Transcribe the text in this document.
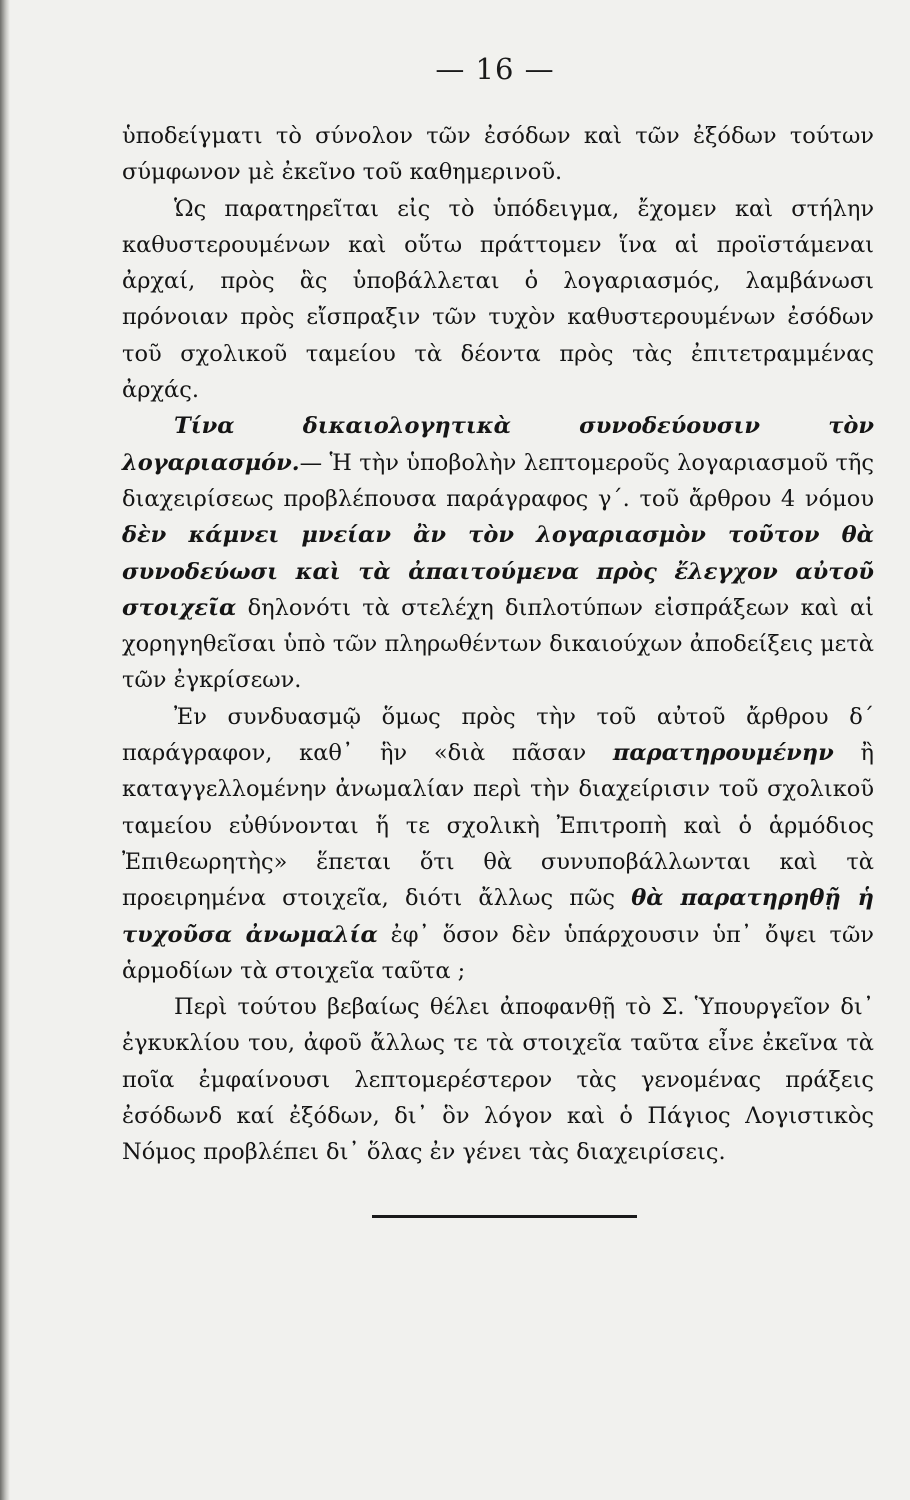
— 16 —

ὑποδείγματι τὸ σύνολον τῶν ἐσόδων καὶ τῶν ἐξόδων τούτων σύμφωνον μὲ ἐκεῖνο τοῦ καθημερινοῦ.

Ὡς παρατηρεῖται εἰς τὸ ὑπόδειγμα, ἔχομεν καὶ στήλην καθυστερουμένων καὶ οὕτω πράττομεν ἵνα αἱ προϊστάμεναι ἀρχαί, πρὸς ἃς ὑποβάλλεται ὁ λογαριασμός, λαμβάνωσι πρόνοιαν πρὸς εἴσπραξιν τῶν τυχὸν καθυστερουμένων ἐσόδων τοῦ σχολικοῦ ταμείου τὰ δέοντα πρὸς τὰς ἐπιτετραμμένας ἀρχάς.

Τίνα δικαιολογητικὰ συνοδεύουσιν τὸν λογαριασμόν.— Ἡ τὴν ὑποβολὴν λεπτομεροῦς λογαριασμοῦ τῆς διαχειρίσεως προβλέπουσα παράγραφος γ΄. τοῦ ἄρθρου 4 νόμου δὲν κάμνει μνείαν ἂν τὸν λογαριασμὸν τοῦτον θὰ συνοδεύωσι καὶ τὰ ἀπαιτούμενα πρὸς ἔλεγχον αὐτοῦ στοιχεῖα δηλονότι τὰ στελέχη διπλοτύπων εἰσπράξεων καὶ αἱ χορηγηθεῖσαι ὑπὸ τῶν πληρωθέντων δικαιούχων ἀποδείξεις μετὰ τῶν ἐγκρίσεων.

Ἐν συνδυασμῷ ὅμως πρὸς τὴν τοῦ αὐτοῦ ἄρθρου δ΄ παράγραφον, καθ᾿ ἣν «διὰ πᾶσαν παρατηρουμένην ἢ καταγγελλομένην ἀνωμαλίαν περὶ τὴν διαχείρισιν τοῦ σχολικοῦ ταμείου εὐθύνονται ἥ τε σχολικὴ Ἐπιτροπὴ καὶ ὁ ἁρμόδιος Ἐπιθεωρητὴς» ἕπεται ὅτι θὰ συνυποβάλλωνται καὶ τὰ προειρημένα στοιχεῖα, διότι ἄλλως πῶς θὰ παρατηρηθῇ ἡ τυχοῦσα ἀνωμαλία ἐφ᾿ ὅσον δὲν ὑπάρχουσιν ὑπ᾿ ὄψει τῶν ἁρμοδίων τὰ στοιχεῖα ταῦτα ;

Περὶ τούτου βεβαίως θέλει ἀποφανθῇ τὸ Σ. Ὑπουργεῖον δι᾿ ἐγκυκλίου του, ἀφοῦ ἄλλως τε τὰ στοιχεῖα ταῦτα εἶνε ἐκεῖνα τὰ ποῖα ἐμφαίνουσι λεπτομερέστερον τὰς γενομένας πράξεις ἐσόδωνδ καί ἐξόδων, δι᾿ ὃν λόγον καὶ ὁ Πάγιος Λογιστικὸς Νόμος προβλέπει δι᾿ ὅλας ἐν γένει τὰς διαχειρίσεις.
